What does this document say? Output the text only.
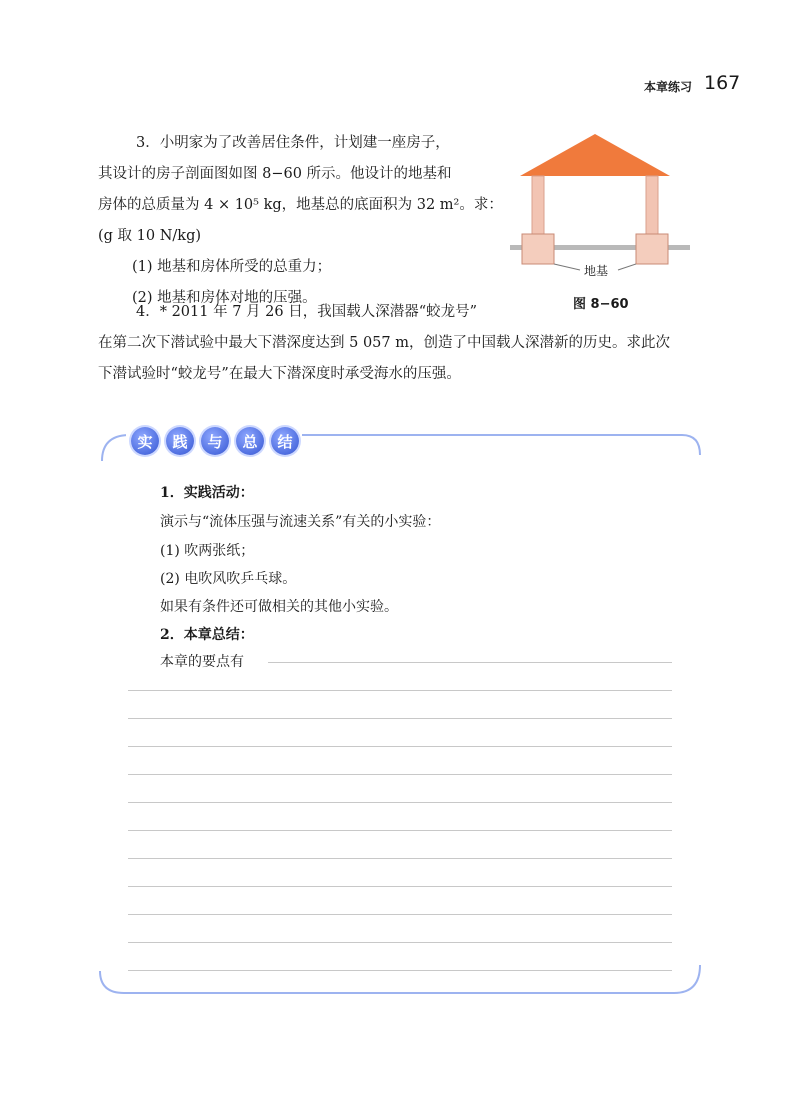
本章练习 167
3．小明家为了改善居住条件，计划建一座房子，
其设计的房子剖面图如图 8−60 所示。他设计的地基和
房体的总质量为 4 × 10⁵ kg，地基总的底面积为 32 m²。求：
(g 取 10 N/kg)
(1) 地基和房体所受的总重力；
(2) 地基和房体对地的压强。
地基
图 8−60
4．* 2011 年 7 月 26 日，我国载人深潜器“蛟龙号”
在第二次下潜试验中最大下潜深度达到 5 057 m，创造了中国载人深潜新的历史。求此次
下潜试验时“蛟龙号”在最大下潜深度时承受海水的压强。
实	践	与	总	结
1．实践活动：
演示与“流体压强与流速关系”有关的小实验：
(1) 吹两张纸；
(2) 电吹风吹乒乓球。
如果有条件还可做相关的其他小实验。
2．本章总结：
本章的要点有
